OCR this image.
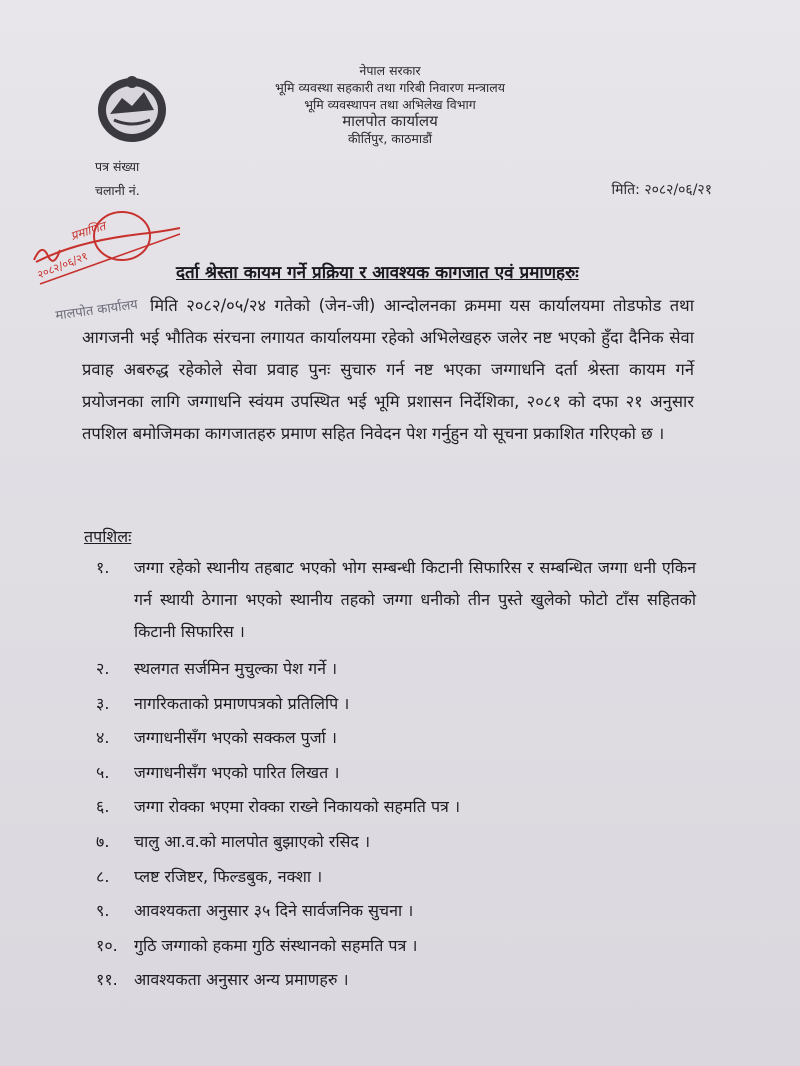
नेपाल सरकार
भूमि व्यवस्था सहकारी तथा गरिबी निवारण मन्त्रालय
भूमि व्यवस्थापन तथा अभिलेख विभाग
मालपोत कार्यालय
कीर्तिपुर, काठमाडौं
पत्र संख्या
चलानी नं.	मिति: २०८२/०६/२१
मालपोत कार्यालय
दर्ता श्रेस्ता कायम गर्ने प्रक्रिया र आवश्यक कागजात एवं प्रमाणहरुः
मिति २०८२/०५/२४ गतेको (जेन-जी) आन्दोलनका क्रममा यस कार्यालयमा तोडफोड तथा आगजनी भई भौतिक संरचना लगायत कार्यालयमा रहेको अभिलेखहरु जलेर नष्ट भएको हुँदा दैनिक सेवा प्रवाह अबरुद्ध रहेकोले सेवा प्रवाह पुनः सुचारु गर्न नष्ट भएका जग्गाधनि दर्ता श्रेस्ता कायम गर्ने प्रयोजनका लागि जग्गाधनि स्वंयम उपस्थित भई भूमि प्रशासन निर्देशिका, २०८१ को दफा २१ अनुसार तपशिल बमोजिमका कागजातहरु प्रमाण सहित निवेदन पेश गर्नुहुन यो सूचना प्रकाशित गरिएको छ ।
तपशिलः
१.	जग्गा रहेको स्थानीय तहबाट भएको भोग सम्बन्धी किटानी सिफारिस र सम्बन्धित जग्गा धनी एकिन गर्न स्थायी ठेगाना भएको स्थानीय तहको जग्गा धनीको तीन पुस्ते खुलेको फोटो टाँस सहितको किटानी सिफारिस ।
२.	स्थलगत सर्जमिन मुचुल्का पेश गर्ने ।
३.	नागरिकताको प्रमाणपत्रको प्रतिलिपि ।
४.	जग्गाधनीसँग भएको सक्कल पुर्जा ।
५.	जग्गाधनीसँग भएको पारित लिखत ।
६.	जग्गा रोक्का भएमा रोक्का राख्ने निकायको सहमति पत्र ।
७.	चालु आ.व.को मालपोत बुझाएको रसिद ।
८.	प्लष्ट रजिष्टर, फिल्डबुक, नक्शा ।
९.	आवश्यकता अनुसार ३५ दिने सार्वजनिक सुचना ।
१०.	गुठि जग्गाको हकमा गुठि संस्थानको सहमति पत्र ।
११.	आवश्यकता अनुसार अन्य प्रमाणहरु ।
२०८२/०६/२१
प्रमाणित
